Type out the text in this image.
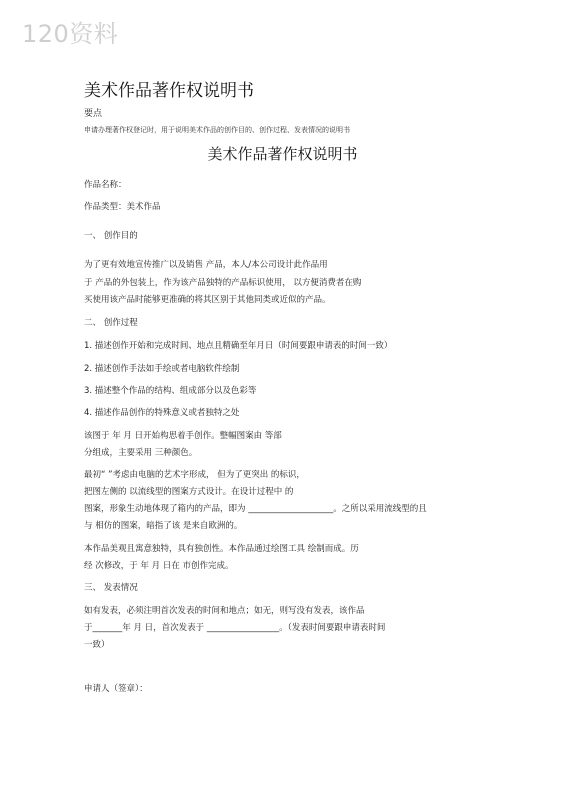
120资料
美术作品著作权说明书
要点
申请办理著作权登记时，用于说明美术作品的创作目的、创作过程、发表情况的说明书
美术作品著作权说明书
作品名称：
作品类型：美术作品
一、 创作目的
为了更有效地宣传推广以及销售 产品，本人/本公司设计此作品用
于 产品的外包装上，作为该产品独特的产品标识使用， 以方便消费者在购
买使用该产品时能够更准确的将其区别于其他同类或近似的产品。
二、 创作过程
1. 描述创作开始和完成时间、地点且精确至年月日（时间要跟申请表的时间一致）
2. 描述创作手法如手绘或者电脑软件绘制
3. 描述整个作品的结构、组成部分以及色彩等
4. 描述作品创作的特殊意义或者独特之处
该图于 年 月 日开始构思着手创作。整幅图案由 等部
分组成，主要采用 三种颜色。
最初“ ”考虑由电脑的艺术字形成， 但为了更突出 的标识，
把图左侧的 以流线型的图案方式设计。在设计过程中 的
图案，形象生动地体现了箱内的产品，即为 ____________________。之所以采用流线型的且
与 相仿的图案，暗指了该 是来自欧洲的。
本作品美观且寓意独特，具有独创性。本作品通过绘图工具 绘制而成。历
经 次修改，于 年 月 日在 市创作完成。
三、 发表情况
如有发表，必须注明首次发表的时间和地点；如无，则写没有发表，该作品
于_______年 月 日，首次发表于 _________________。（发表时间要跟申请表时间
一致）
申请人（签章）：
